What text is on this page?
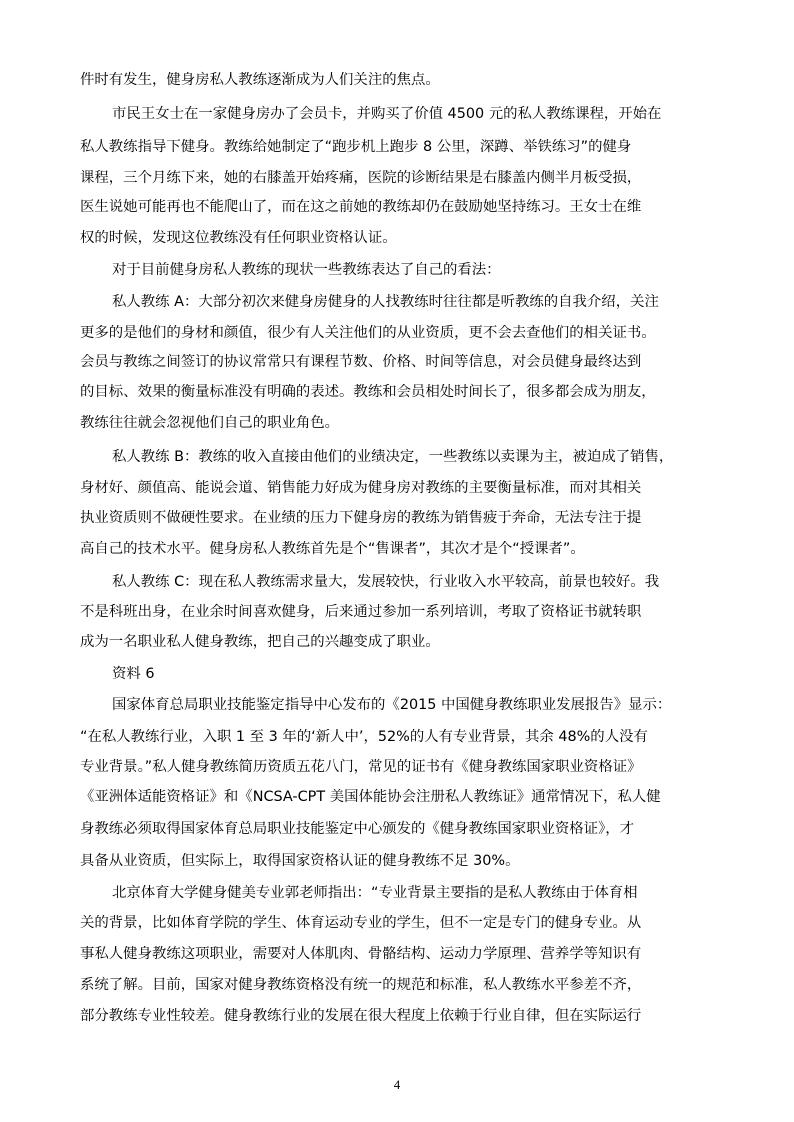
件时有发生，健身房私人教练逐渐成为人们关注的焦点。
市民王女士在一家健身房办了会员卡，并购买了价值 4500 元的私人教练课程，开始在
私人教练指导下健身。教练给她制定了“跑步机上跑步 8 公里，深蹲、举铁练习”的健身
课程，三个月练下来，她的右膝盖开始疼痛，医院的诊断结果是右膝盖内侧半月板受损，
医生说她可能再也不能爬山了，而在这之前她的教练却仍在鼓励她坚持练习。王女士在维
权的时候，发现这位教练没有任何职业资格认证。
对于目前健身房私人教练的现状一些教练表达了自己的看法：
私人教练 A：大部分初次来健身房健身的人找教练时往往都是听教练的自我介绍，关注
更多的是他们的身材和颜值，很少有人关注他们的从业资质，更不会去查他们的相关证书。
会员与教练之间签订的协议常常只有课程节数、价格、时间等信息，对会员健身最终达到
的目标、效果的衡量标准没有明确的表述。教练和会员相处时间长了，很多都会成为朋友，
教练往往就会忽视他们自己的职业角色。
私人教练 B：教练的收入直接由他们的业绩决定，一些教练以卖课为主，被迫成了销售，
身材好、颜值高、能说会道、销售能力好成为健身房对教练的主要衡量标准，而对其相关
执业资质则不做硬性要求。在业绩的压力下健身房的教练为销售疲于奔命，无法专注于提
高自己的技术水平。健身房私人教练首先是个“售课者”，其次才是个“授课者”。
私人教练 C：现在私人教练需求量大，发展较快，行业收入水平较高，前景也较好。我
不是科班出身，在业余时间喜欢健身，后来通过参加一系列培训，考取了资格证书就转职
成为一名职业私人健身教练，把自己的兴趣变成了职业。
资料 6
国家体育总局职业技能鉴定指导中心发布的《2015 中国健身教练职业发展报告》显示：
“在私人教练行业，入职 1 至 3 年的‘新人中’，52%的人有专业背景，其余 48%的人没有
专业背景。”私人健身教练简历资质五花八门，常见的证书有《健身教练国家职业资格证》
《亚洲体适能资格证》和《NCSA-CPT 美国体能协会注册私人教练证》通常情况下，私人健
身教练必须取得国家体育总局职业技能鉴定中心颁发的《健身教练国家职业资格证》，才
具备从业资质，但实际上，取得国家资格认证的健身教练不足 30%。
北京体育大学健身健美专业郭老师指出：“专业背景主要指的是私人教练由于体育相
关的背景，比如体育学院的学生、体育运动专业的学生，但不一定是专门的健身专业。从
事私人健身教练这项职业，需要对人体肌肉、骨骼结构、运动力学原理、营养学等知识有
系统了解。目前，国家对健身教练资格没有统一的规范和标准，私人教练水平参差不齐，
部分教练专业性较差。健身教练行业的发展在很大程度上依赖于行业自律，但在实际运行
4
